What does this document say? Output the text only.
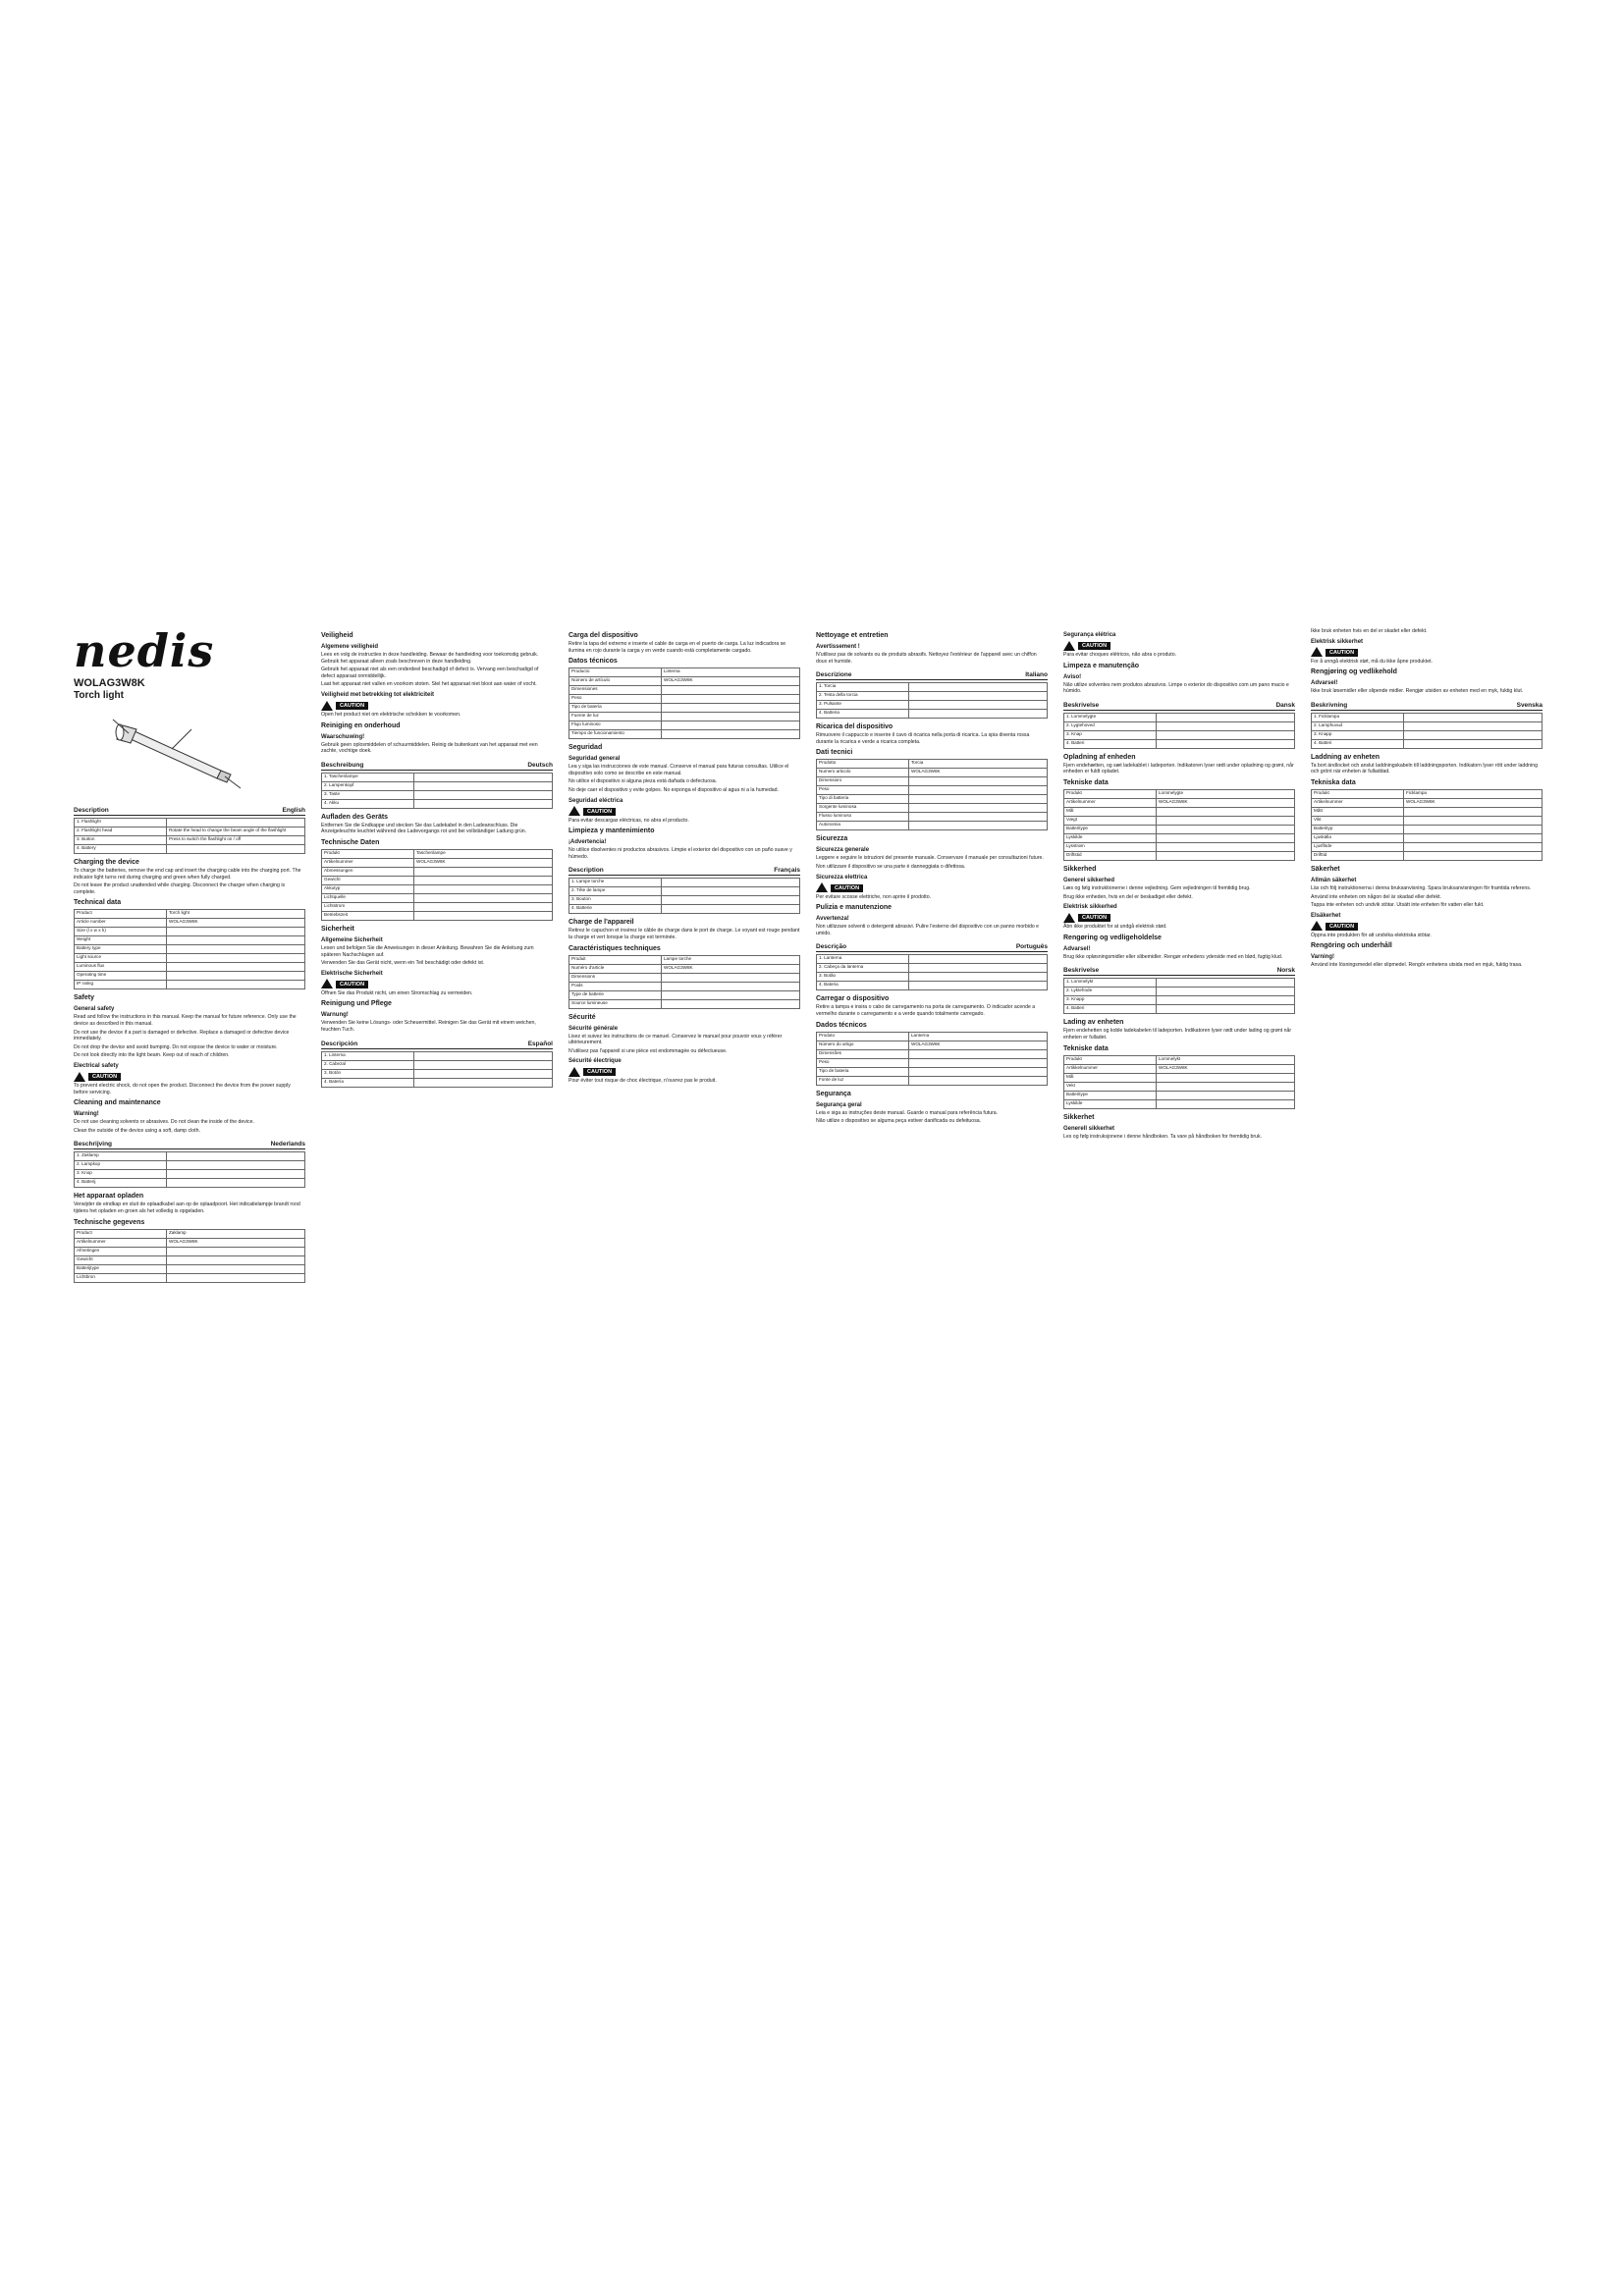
nedis
WOLAG3W8K
Torch light
Description	English
1. Flashlight	
2. Flashlight head	Rotate the head to change the beam angle of the flashlight
3. Button	Press to switch the flashlight on / off
4. Battery	
Charging the device

To charge the batteries, remove the end cap and insert the charging cable into the charging port. The indicator light turns red during charging and green when fully charged.

Do not leave the product unattended while charging. Disconnect the charger when charging is complete.

Technical data
Product	Torch light
Article number	WOLAG3W8K
Size (l x w x h)	
Weight	
Battery type	
Light source	
Luminous flux	
Operating time	
IP rating	
Safety
General safety

Read and follow the instructions in this manual. Keep the manual for future reference. Only use the device as described in this manual.

Do not use the device if a part is damaged or defective. Replace a damaged or defective device immediately.

Do not drop the device and avoid bumping. Do not expose the device to water or moisture.

Do not look directly into the light beam. Keep out of reach of children.

Electrical safety
CAUTION

To prevent electric shock, do not open the product. Disconnect the device from the power supply before servicing.

Cleaning and maintenance
Warning!

Do not use cleaning solvents or abrasives. Do not clean the inside of the device.

Clean the outside of the device using a soft, damp cloth.

Beschrijving	Nederlands
1. Zaklamp	
2. Lampkop	
3. Knop	
4. Batterij	
Het apparaat opladen

Verwijder de eindkap en sluit de oplaadkabel aan op de oplaadpoort. Het indicatielampje brandt rood tijdens het opladen en groen als het volledig is opgeladen.

Technische gegevens
Product	Zaklamp
Artikelnummer	WOLAG3W8K
Afmetingen	
Gewicht	
Batterijtype	
Lichtbron	
Veiligheid
Algemene veiligheid

Lees en volg de instructies in deze handleiding. Bewaar de handleiding voor toekomstig gebruik. Gebruik het apparaat alleen zoals beschreven in deze handleiding.

Gebruik het apparaat niet als een onderdeel beschadigd of defect is. Vervang een beschadigd of defect apparaat onmiddellijk.

Laat het apparaat niet vallen en voorkom stoten. Stel het apparaat niet bloot aan water of vocht.

Veiligheid met betrekking tot elektriciteit
CAUTION

Open het product niet om elektrische schokken te voorkomen.

Reiniging en onderhoud
Waarschuwing!

Gebruik geen oplosmiddelen of schuurmiddelen. Reinig de buitenkant van het apparaat met een zachte, vochtige doek.

Beschreibung	Deutsch
1. Taschenlampe	
2. Lampenkopf	
3. Taste	
4. Akku	
Aufladen des Geräts

Entfernen Sie die Endkappe und stecken Sie das Ladekabel in den Ladeanschluss. Die Anzeigeleuchte leuchtet während des Ladevorgangs rot und bei vollständiger Ladung grün.

Technische Daten
Produkt	Taschenlampe
Artikelnummer	WOLAG3W8K
Abmessungen	
Gewicht	
Akkutyp	
Lichtquelle	
Lichtstrom	
Betriebszeit	
Sicherheit
Allgemeine Sicherheit

Lesen und befolgen Sie die Anweisungen in dieser Anleitung. Bewahren Sie die Anleitung zum späteren Nachschlagen auf.

Verwenden Sie das Gerät nicht, wenn ein Teil beschädigt oder defekt ist.

Elektrische Sicherheit
CAUTION

Öffnen Sie das Produkt nicht, um einen Stromschlag zu vermeiden.

Reinigung und Pflege
Warnung!

Verwenden Sie keine Lösungs- oder Scheuermittel. Reinigen Sie das Gerät mit einem weichen, feuchten Tuch.

Descripción	Español
1. Linterna	
2. Cabezal	
3. Botón	
4. Batería	
Carga del dispositivo

Retire la tapa del extremo e inserte el cable de carga en el puerto de carga. La luz indicadora se ilumina en rojo durante la carga y en verde cuando está completamente cargado.

Datos técnicos
Producto	Linterna
Número de artículo	WOLAG3W8K
Dimensiones	
Peso	
Tipo de batería	
Fuente de luz	
Flujo luminoso	
Tiempo de funcionamiento	
Seguridad
Seguridad general

Lea y siga las instrucciones de este manual. Conserve el manual para futuras consultas. Utilice el dispositivo solo como se describe en este manual.

No utilice el dispositivo si alguna pieza está dañada o defectuosa.

No deje caer el dispositivo y evite golpes. No exponga el dispositivo al agua ni a la humedad.

Seguridad eléctrica
CAUTION

Para evitar descargas eléctricas, no abra el producto.

Limpieza y mantenimiento
¡Advertencia!

No utilice disolventes ni productos abrasivos. Limpie el exterior del dispositivo con un paño suave y húmedo.

Description	Français
1. Lampe torche	
2. Tête de lampe	
3. Bouton	
4. Batterie	
Charge de l'appareil

Retirez le capuchon et insérez le câble de charge dans le port de charge. Le voyant est rouge pendant la charge et vert lorsque la charge est terminée.

Caractéristiques techniques
Produit	Lampe torche
Numéro d'article	WOLAG3W8K
Dimensions	
Poids	
Type de batterie	
Source lumineuse	
Sécurité
Sécurité générale

Lisez et suivez les instructions de ce manuel. Conservez le manuel pour pouvoir vous y référer ultérieurement.

N'utilisez pas l'appareil si une pièce est endommagée ou défectueuse.

Sécurité électrique
CAUTION

Pour éviter tout risque de choc électrique, n'ouvrez pas le produit.

Nettoyage et entretien
Avertissement !

N'utilisez pas de solvants ou de produits abrasifs. Nettoyez l'extérieur de l'appareil avec un chiffon doux et humide.

Descrizione	Italiano
1. Torcia	
2. Testa della torcia	
3. Pulsante	
4. Batteria	
Ricarica del dispositivo

Rimuovere il cappuccio e inserire il cavo di ricarica nella porta di ricarica. La spia diventa rossa durante la ricarica e verde a ricarica completa.

Dati tecnici
Prodotto	Torcia
Numero articolo	WOLAG3W8K
Dimensioni	
Peso	
Tipo di batteria	
Sorgente luminosa	
Flusso luminoso	
Autonomia	
Sicurezza
Sicurezza generale

Leggere e seguire le istruzioni del presente manuale. Conservare il manuale per consultazioni future.

Non utilizzare il dispositivo se una parte è danneggiata o difettosa.

Sicurezza elettrica
CAUTION

Per evitare scosse elettriche, non aprire il prodotto.

Pulizia e manutenzione
Avvertenza!

Non utilizzare solventi o detergenti abrasivi. Pulire l'esterno del dispositivo con un panno morbido e umido.

Descrição	Português
1. Lanterna	
2. Cabeça da lanterna	
3. Botão	
4. Bateria	
Carregar o dispositivo

Retire a tampa e insira o cabo de carregamento na porta de carregamento. O indicador acende a vermelho durante o carregamento e a verde quando totalmente carregado.

Dados técnicos
Produto	Lanterna
Número do artigo	WOLAG3W8K
Dimensões	
Peso	
Tipo de bateria	
Fonte de luz	
Segurança
Segurança geral

Leia e siga as instruções deste manual. Guarde o manual para referência futura.

Não utilize o dispositivo se alguma peça estiver danificada ou defeituosa.

Segurança elétrica
CAUTION

Para evitar choques elétricos, não abra o produto.

Limpeza e manutenção
Aviso!

Não utilize solventes nem produtos abrasivos. Limpe o exterior do dispositivo com um pano macio e húmido.

Beskrivelse	Dansk
1. Lommelygte	
2. Lygtehoved	
3. Knap	
4. Batteri	
Opladning af enheden

Fjern endehætten, og sæt ladekablet i ladeporten. Indikatoren lyser rødt under opladning og grønt, når enheden er fuldt opladet.

Tekniske data
Produkt	Lommelygte
Artikelnummer	WOLAG3W8K
Mål	
Vægt	
Batteritype	
Lyskilde	
Lysstrøm	
Driftstid	
Sikkerhed
Generel sikkerhed

Læs og følg instruktionerne i denne vejledning. Gem vejledningen til fremtidig brug.

Brug ikke enheden, hvis en del er beskadiget eller defekt.

Elektrisk sikkerhed
CAUTION

Åbn ikke produktet for at undgå elektrisk stød.

Rengøring og vedligeholdelse
Advarsel!

Brug ikke opløsningsmidler eller slibemidler. Rengør enhedens yderside med en blød, fugtig klud.

Beskrivelse	Norsk
1. Lommelykt	
2. Lyktehode	
3. Knapp	
4. Batteri	
Lading av enheten

Fjern endehetten og koble ladekabelen til ladeporten. Indikatoren lyser rødt under lading og grønt når enheten er fulladet.

Tekniske data
Produkt	Lommelykt
Artikkelnummer	WOLAG3W8K
Mål	
Vekt	
Batteritype	
Lyskilde	
Sikkerhet
Generell sikkerhet

Les og følg instruksjonene i denne håndboken. Ta vare på håndboken for fremtidig bruk.

Ikke bruk enheten hvis en del er skadet eller defekt.

Elektrisk sikkerhet
CAUTION

For å unngå elektrisk støt, må du ikke åpne produktet.

Rengjøring og vedlikehold
Advarsel!

Ikke bruk løsemidler eller slipende midler. Rengjør utsiden av enheten med en myk, fuktig klut.

Beskrivning	Svenska
1. Ficklampa	
2. Lamphuvud	
3. Knapp	
4. Batteri	
Laddning av enheten

Ta bort ändlocket och anslut laddningskabeln till laddningsporten. Indikatorn lyser rött under laddning och grönt när enheten är fulladdad.

Tekniska data
Produkt	Ficklampa
Artikelnummer	WOLAG3W8K
Mått	
Vikt	
Batterityp	
Ljuskälla	
Ljusflöde	
Drifttid	
Säkerhet
Allmän säkerhet

Läs och följ instruktionerna i denna bruksanvisning. Spara bruksanvisningen för framtida referens.

Använd inte enheten om någon del är skadad eller defekt.

Tappa inte enheten och undvik stötar. Utsätt inte enheten för vatten eller fukt.

Elsäkerhet
CAUTION

Öppna inte produkten för att undvika elektriska stötar.

Rengöring och underhåll
Varning!

Använd inte lösningsmedel eller slipmedel. Rengör enhetens utsida med en mjuk, fuktig trasa.
